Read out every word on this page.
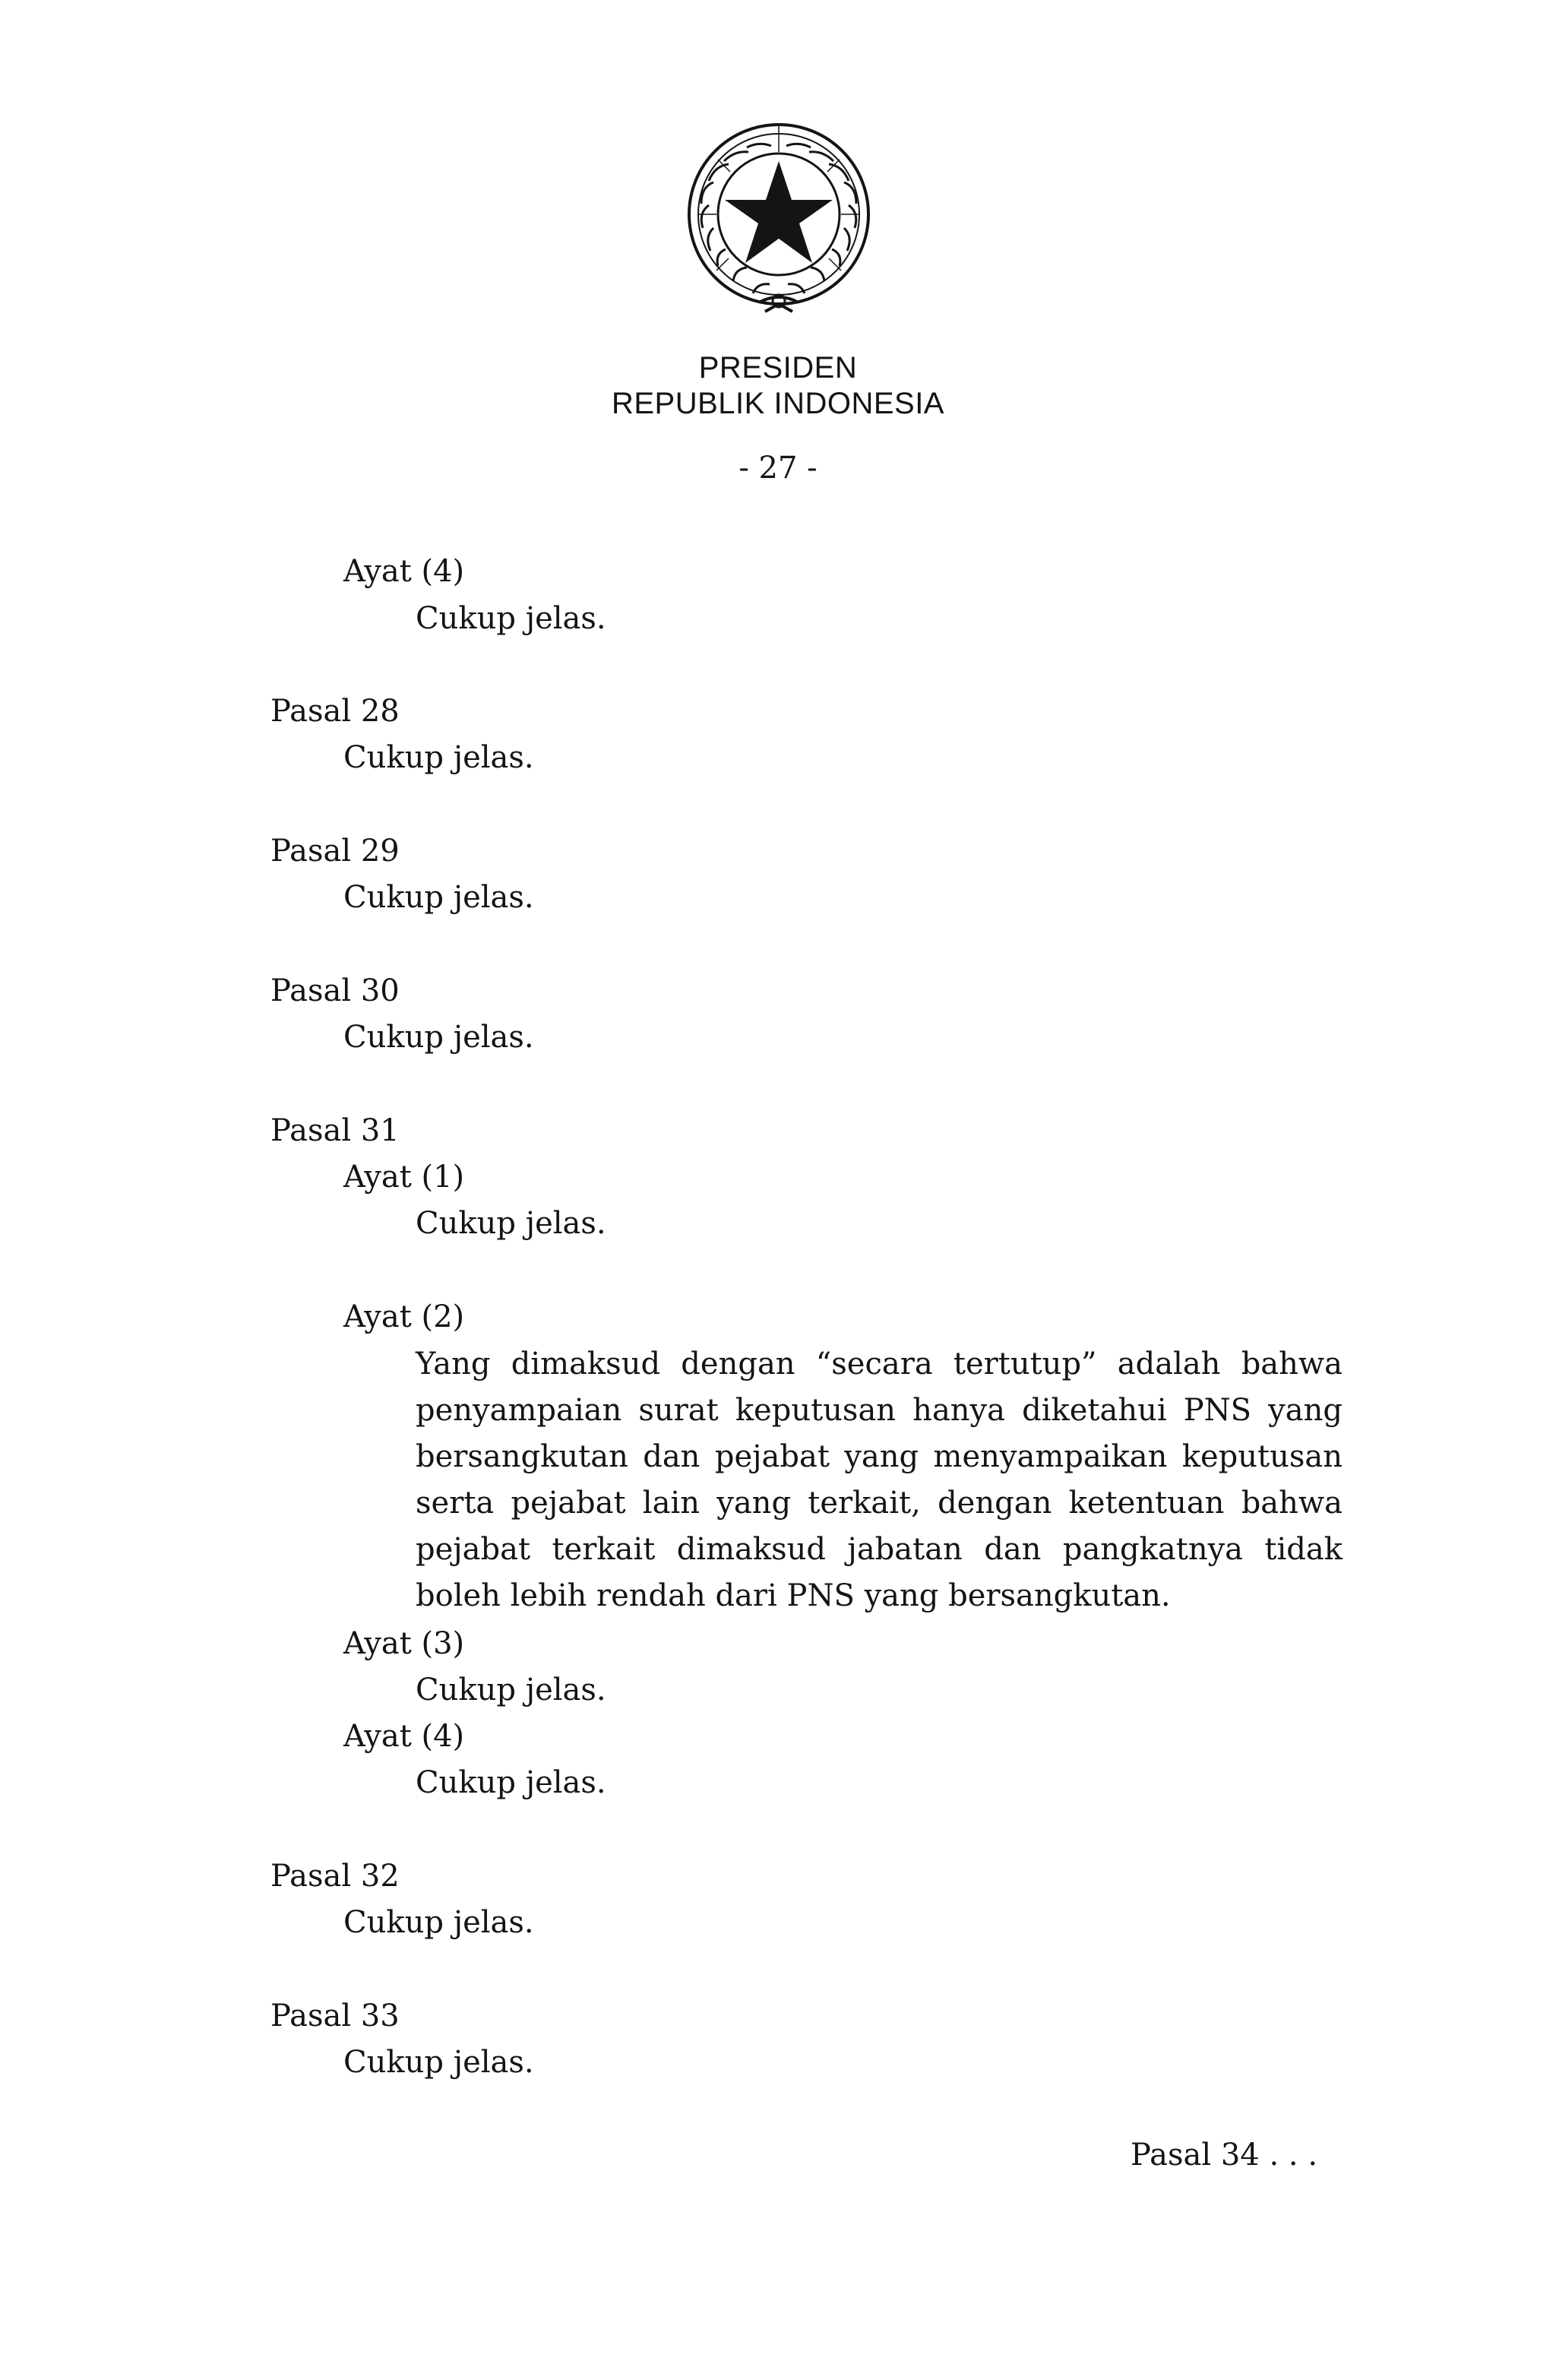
PRESIDEN
REPUBLIK INDONESIA
- 27 -
Ayat (4)
Cukup jelas.
Pasal 28
Cukup jelas.
Pasal 29
Cukup jelas.
Pasal 30
Cukup jelas.
Pasal 31
Ayat (1)
Cukup jelas.
Ayat (2)
Yang dimaksud dengan “secara tertutup” adalah bahwa
penyampaian surat keputusan hanya diketahui PNS yang
bersangkutan dan pejabat yang menyampaikan keputusan
serta pejabat lain yang terkait, dengan ketentuan bahwa
pejabat terkait dimaksud jabatan dan pangkatnya tidak
boleh lebih rendah dari PNS yang bersangkutan.
Ayat (3)
Cukup jelas.
Ayat (4)
Cukup jelas.
Pasal 32
Cukup jelas.
Pasal 33
Cukup jelas.
Pasal 34 . . .
